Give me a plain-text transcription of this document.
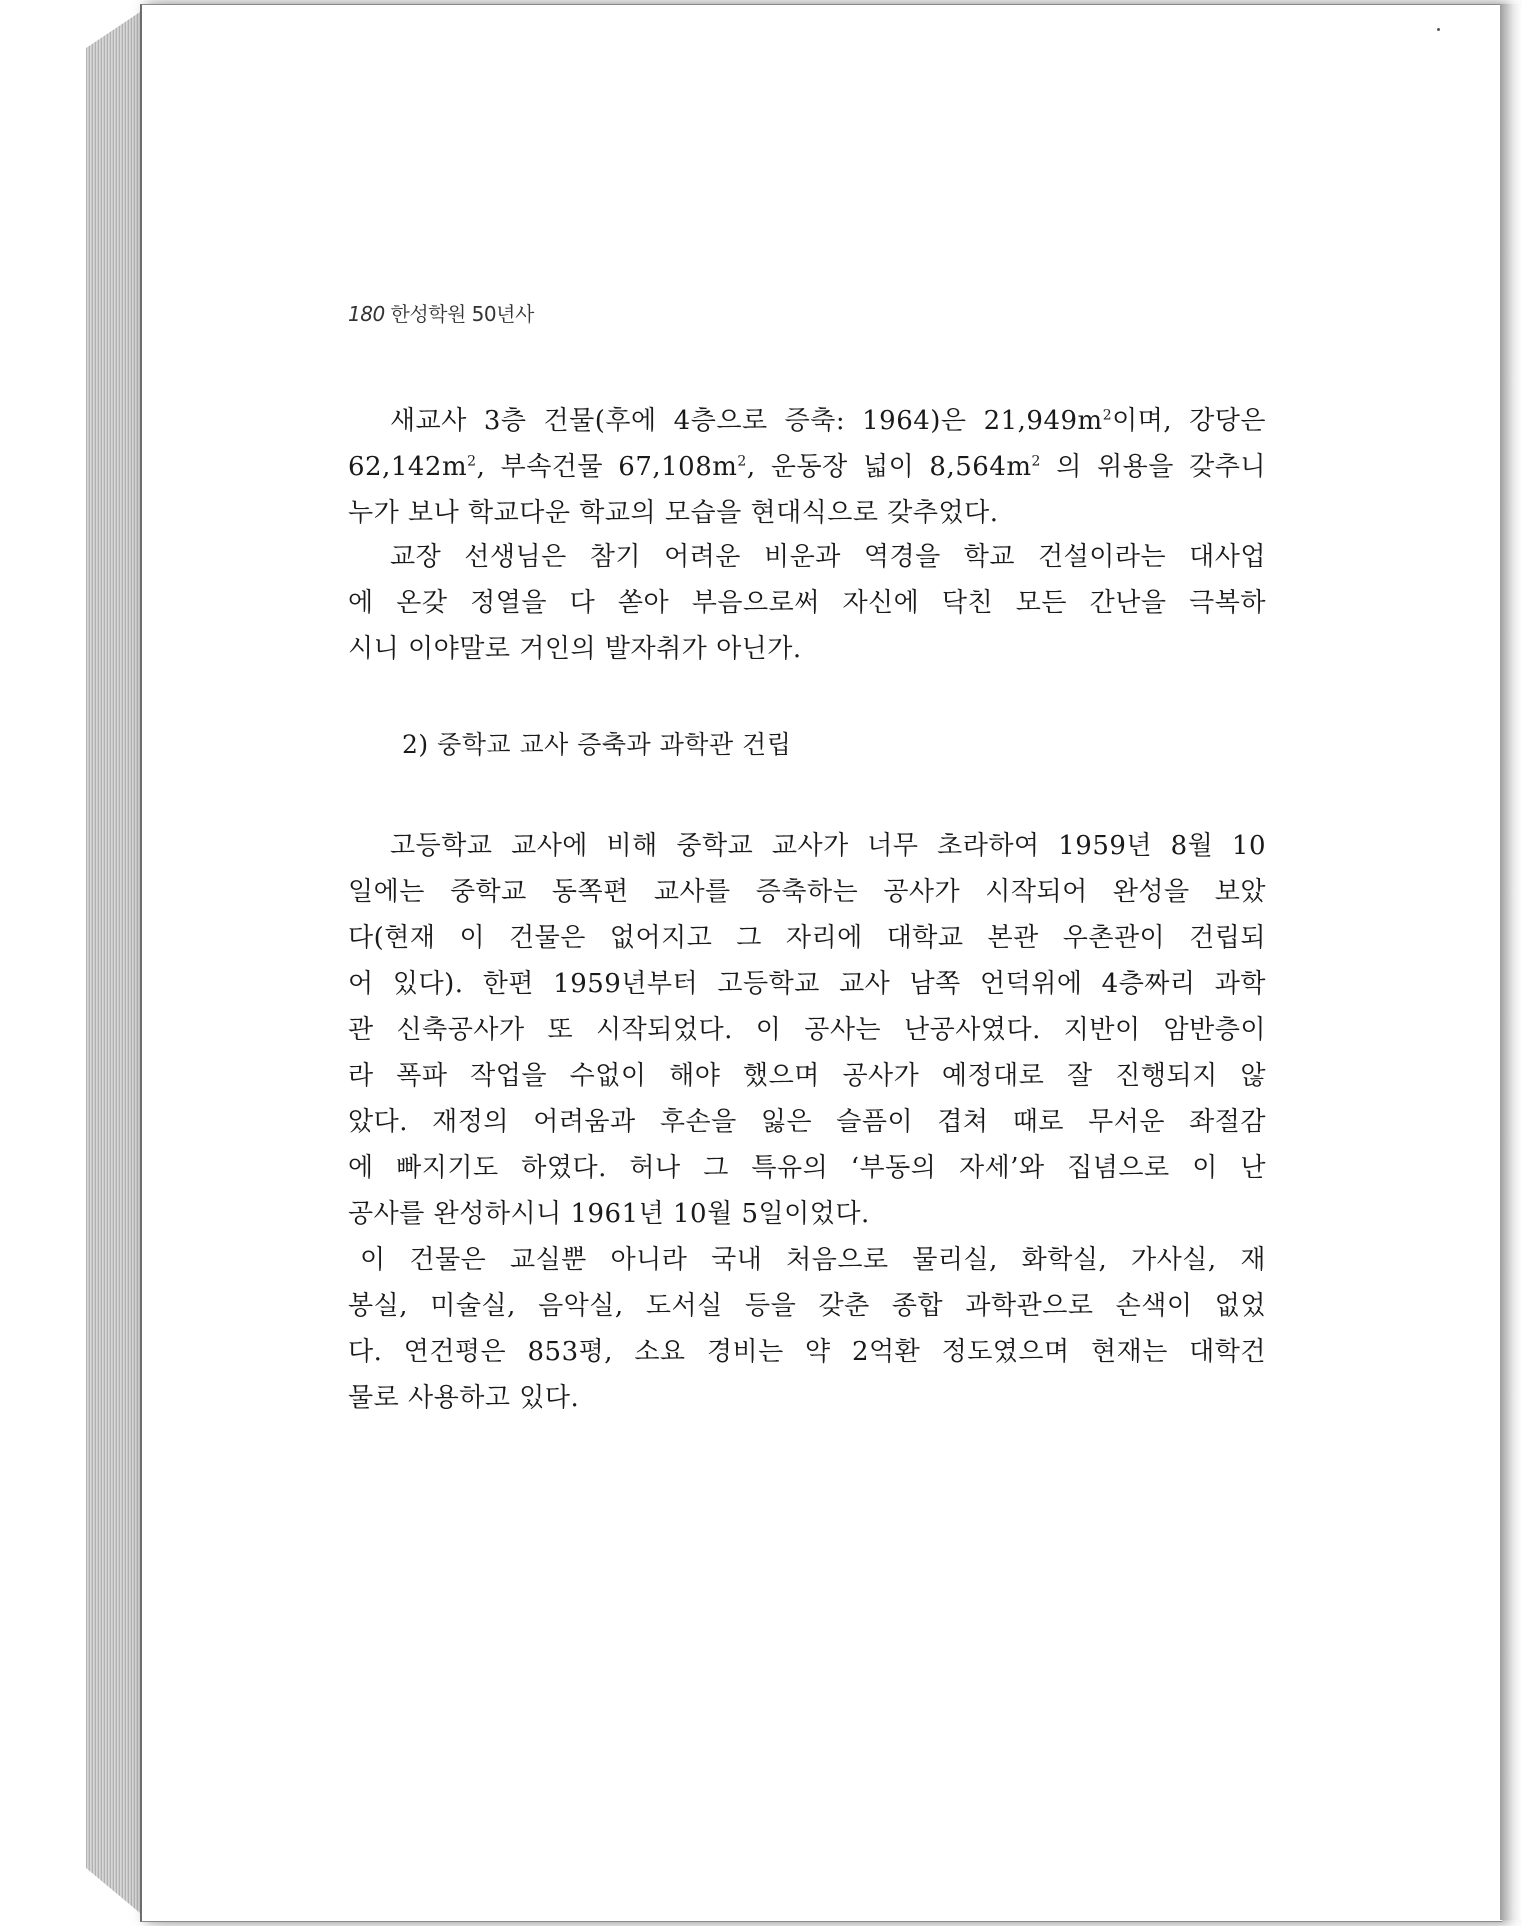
180 한성학원 50년사
새교사 3층 건물(후에 4층으로 증축: 1964)은 $21,949m^2$이며, 강당은
$62,142m^2$, 부속건물 $67,108m^2$, 운동장 넓이 $8,564m^2$ 의 위용을 갖추니
누가 보나 학교다운 학교의 모습을 현대식으로 갖추었다.
교장 선생님은 참기 어려운 비운과 역경을 학교 건설이라는 대사업
에 온갖 정열을 다 쏟아 부음으로써 자신에 닥친 모든 간난을 극복하
시니 이야말로 거인의 발자취가 아닌가.
2) 중학교 교사 증축과 과학관 건립
고등학교 교사에 비해 중학교 교사가 너무 초라하여 1959년 8월 10
일에는 중학교 동쪽편 교사를 증축하는 공사가 시작되어 완성을 보았
다(현재 이 건물은 없어지고 그 자리에 대학교 본관 우촌관이 건립되
어 있다). 한편 1959년부터 고등학교 교사 남쪽 언덕위에 4층짜리 과학
관 신축공사가 또 시작되었다. 이 공사는 난공사였다. 지반이 암반층이
라 폭파 작업을 수없이 해야 했으며 공사가 예정대로 잘 진행되지 않
았다. 재정의 어려움과 후손을 잃은 슬픔이 겹쳐 때로 무서운 좌절감
에 빠지기도 하였다. 허나 그 특유의 ‘부동의 자세’와 집념으로 이 난
공사를 완성하시니 1961년 10월 5일이었다.
이 건물은 교실뿐 아니라 국내 처음으로 물리실, 화학실, 가사실, 재
봉실, 미술실, 음악실, 도서실 등을 갖춘 종합 과학관으로 손색이 없었
다. 연건평은 853평, 소요 경비는 약 2억환 정도였으며 현재는 대학건
물로 사용하고 있다.
